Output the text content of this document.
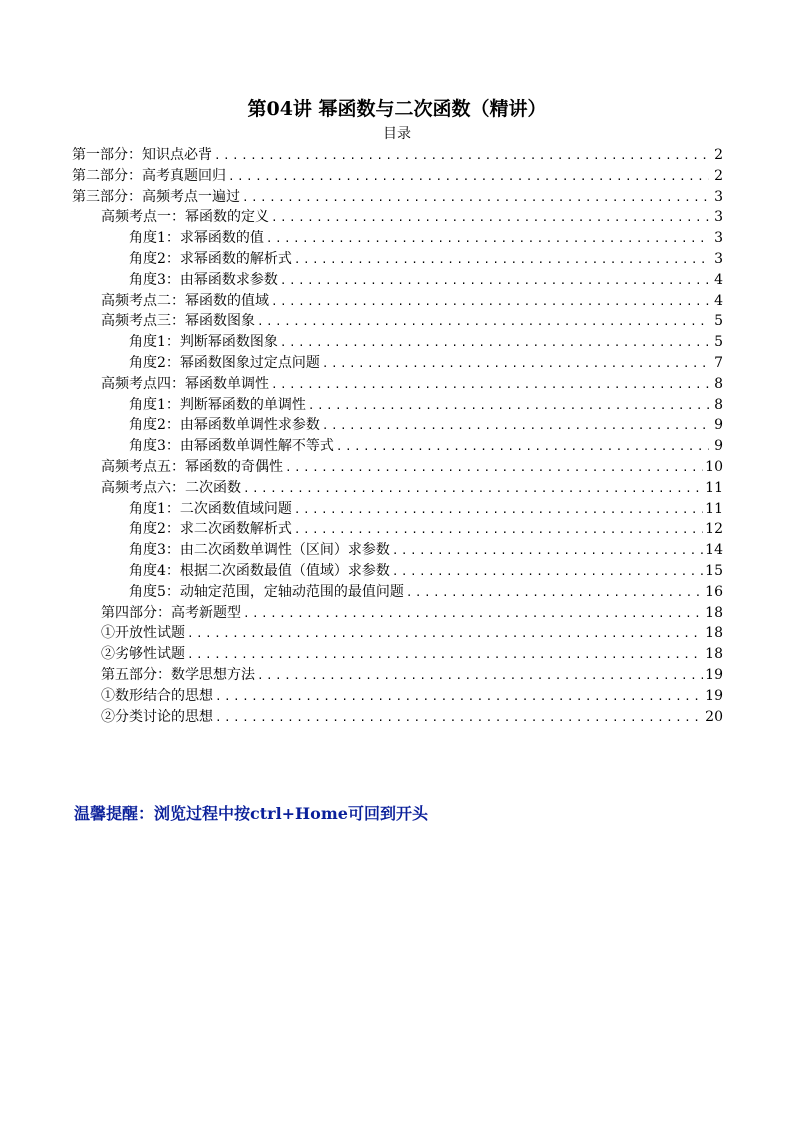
第04讲 幂函数与二次函数（精讲）
目录
第一部分：知识点必背 .....	2
第二部分：高考真题回归 .....	2
第三部分：高频考点一遍过 .....	3
高频考点一：幂函数的定义 .....	3
角度1：求幂函数的值 .....	3
角度2：求幂函数的解析式 .....	3
角度3：由幂函数求参数 .....	4
高频考点二：幂函数的值域 .....	4
高频考点三：幂函数图象 .....	5
角度1：判断幂函数图象 .....	5
角度2：幂函数图象过定点问题 .....	7
高频考点四：幂函数单调性 .....	8
角度1：判断幂函数的单调性 .....	8
角度2：由幂函数单调性求参数 .....	9
角度3：由幂函数单调性解不等式 .....	9
高频考点五：幂函数的奇偶性 .....	10
高频考点六：二次函数 .....	11
角度1：二次函数值域问题 .....	11
角度2：求二次函数解析式 .....	12
角度3：由二次函数单调性（区间）求参数 .....	14
角度4：根据二次函数最值（值域）求参数 .....	15
角度5：动轴定范围，定轴动范围的最值问题 .....	16
第四部分：高考新题型 .....	18
①开放性试题 .....	18
②劣够性试题 .....	18
第五部分：数学思想方法 .....	19
①数形结合的思想 .....	19
②分类讨论的思想 .....	20
温馨提醒：浏览过程中按ctrl+Home可回到开头
